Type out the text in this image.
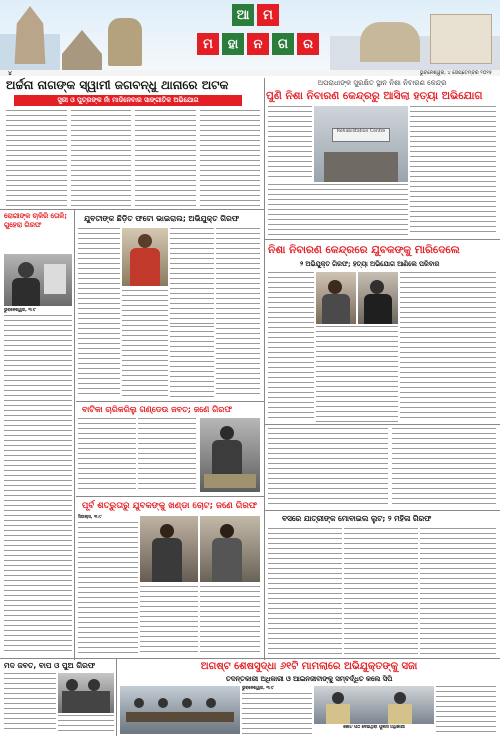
ଆ	ମ
ମ	ହା	ନ	ଗ	ର
୪	ଭୁବନେଶ୍ୱର, ୪ ସେପ୍ଟେମ୍ବର ୨୦୨୫
ଅର୍ଚ୍ଚନା ନାଗଙ୍କ ସ୍ୱାମୀ ଜଗବନ୍ଧୁ ଥାନାରେ ଅଟକ
ସ୍ତ୍ରୀ ଓ ପୁତ୍ରଙ୍କ ନାଁ ମାଡିନେବାର ସାଙ୍ଗୀତିକ ଅଭିଯୋଗ
ଅପରାଧୀଙ୍କ ସୁରକ୍ଷିତ ସ୍ଥାନ ନିଶା ନିବାରଣ କେନ୍ଦ୍ର
ପୁଣି ନିଶା ନିବାରଣ କେନ୍ଦ୍ରରୁ ଆସିଲା ହତ୍ୟା ଅଭିଯୋଗ
Rehabilitation Centre
ରୋଗୀଙ୍କ ଚାକିରି ତୋଳି; ଗୁହେରା ଗିରଫ
ଭୁବନେଶ୍ୱର, ୩।୯
ଯୁବତୀଙ୍କ ଛିଡ଼ିତ ଫଟୋ ଭାଇରାଲ; ଅଭିଯୁକ୍ତ ଗିରଫ
ନିଶା ନିବାରଣ କେନ୍ଦ୍ରରେ ଯୁବକଙ୍କୁ ମାରିଦେଲେ
୨ ଅଭିଯୁକ୍ତ ଗିରଫ; ହତ୍ୟା ଅଭିଯୋଗ ଆଣିଲେ ପରିବାର
ବାଟିକା ଚାରିକରିଲୁ ଗଣ୍ଡେଉ ଜବତ; ଜଣେ ଗିରଫ
ପୂର୍ବ ଶତ୍ରୁତାରୁ ଯୁବକଙ୍କୁ ଖଣ୍ଡା ଚୋଟ; ଜଣେ ଗିରଫ
ସିଉଲ୍ସ, ୩।୯	ବସରେ ଯାତ୍ରୀଙ୍କ ମୋବାଇଲ ଲୁଟ; ୨ ମହିଳା ଗିରଫ
ମଦ ଜବତ, ବାପ ଓ ପୁଅ ଗିରଫ	ଅଗଷ୍ଟ ଶେଷସୁଦ୍ଧା ୬୧ଟି ମାମଲାରେ ଅଭିଯୁକ୍ତଙ୍କୁ ସଜା
ତଦନ୍ତକାରୀ ଅଧିକାରୀ ଓ ଆଇନଜୀବୀଙ୍କୁ ସମ୍ବର୍ଦ୍ଧିତ କଲେ ସିପି
ଭୁବନେଶ୍ୱର, ୩।୯
କୋର୍ଟ ପିଠି ଦେଇଥିବା ପୁଲିସ ଅଧିକାରୀ
